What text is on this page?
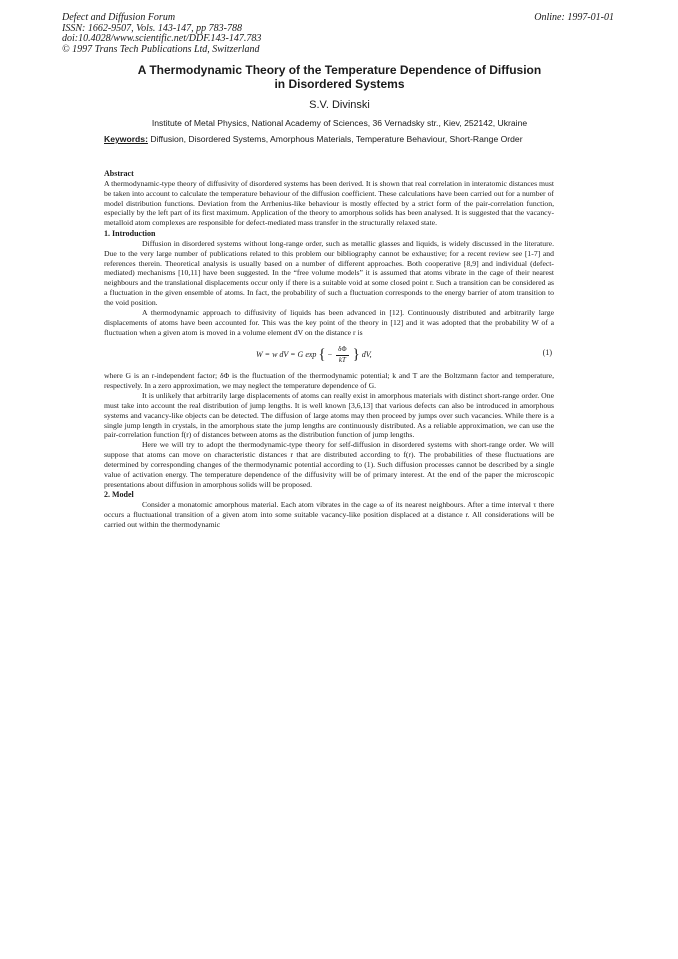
Defect and Diffusion Forum
ISSN: 1662-9507, Vols. 143-147, pp 783-788
doi:10.4028/www.scientific.net/DDF.143-147.783
© 1997 Trans Tech Publications Ltd, Switzerland
Online: 1997-01-01
A Thermodynamic Theory of the Temperature Dependence of Diffusion
in Disordered Systems
S.V. Divinski
Institute of Metal Physics, National Academy of Sciences, 36 Vernadsky str., Kiev, 252142, Ukraine
Keywords: Diffusion, Disordered Systems, Amorphous Materials, Temperature Behaviour, Short-Range Order

Abstract

A thermodynamic-type theory of diffusivity of disordered systems has been derived. It is shown that real correlation in interatomic distances must be taken into account to calculate the temperature behaviour of the diffusion coefficient. These calculations have been carried out for a number of model distribution functions. Deviation from the Arrhenius-like behaviour is mostly effected by a strict form of the pair-correlation function, especially by the left part of its first maximum. Application of the theory to amorphous solids has been analysed. It is suggested that the vacancy-metalloid atom complexes are responsible for defect-mediated mass transfer in the structurally relaxed state.

1. Introduction

Diffusion in disordered systems without long-range order, such as metallic glasses and liquids, is widely discussed in the literature. Due to the very large number of publications related to this problem our bibliography cannot be exhaustive; for a recent review see [1-7] and references therein. Theoretical analysis is usually based on a number of different approaches. Both cooperative [8,9] and individual (defect-mediated) mechanisms [10,11] have been suggested. In the “free volume models” it is assumed that atoms vibrate in the cage of their nearest neighbours and the translational displacements occur only if there is a suitable void at some closed point r. Such a transition can be considered as a fluctuation in the given ensemble of atoms. In fact, the probability of such a fluctuation corresponds to the energy barrier of atom transition to the void position.

A thermodynamic approach to diffusivity of liquids has been advanced in [12]. Continuously distributed and arbitrarily large displacements of atoms have been accounted for. This was the key point of the theory in [12] and it was adopted that the probability W of a fluctuation when a given atom is moved in a volume element dV on the distance r is

W = w dV = G exp { − $\frac{\delta\Phi}{kT}$ } dV,	(1)

where G is an r-independent factor; δΦ is the fluctuation of the thermodynamic potential; k and T are the Boltzmann factor and temperature, respectively. In a zero approximation, we may neglect the temperature dependence of G.

It is unlikely that arbitrarily large displacements of atoms can really exist in amorphous materials with distinct short-range order. One must take into account the real distribution of jump lengths. It is well known [3,6,13] that various defects can also be introduced in amorphous systems and vacancy-like objects can be detected. The diffusion of large atoms may then proceed by jumps over such vacancies. While there is a single jump length in crystals, in the amorphous state the jump lengths are continuously distributed. As a reliable approximation, we can use the pair-correlation function f(r) of distances between atoms as the distribution function of jump lengths.

Here we will try to adopt the thermodynamic-type theory for self-diffusion in disordered systems with short-range order. We will suppose that atoms can move on characteristic distances r that are distributed according to f(r). The probabilities of these fluctuations are determined by corresponding changes of the thermodynamic potential according to (1). Such diffusion processes cannot be described by a single value of activation energy. The temperature dependence of the diffusivity will be of primary interest. At the end of the paper the microscopic presentations about diffusion in amorphous solids will be proposed.

2. Model

Consider a monatomic amorphous material. Each atom vibrates in the cage ω of its nearest neighbours. After a time interval τ there occurs a fluctuational transition of a given atom into some suitable vacancy-like position displaced at a distance r. All considerations will be carried out within the thermodynamic
